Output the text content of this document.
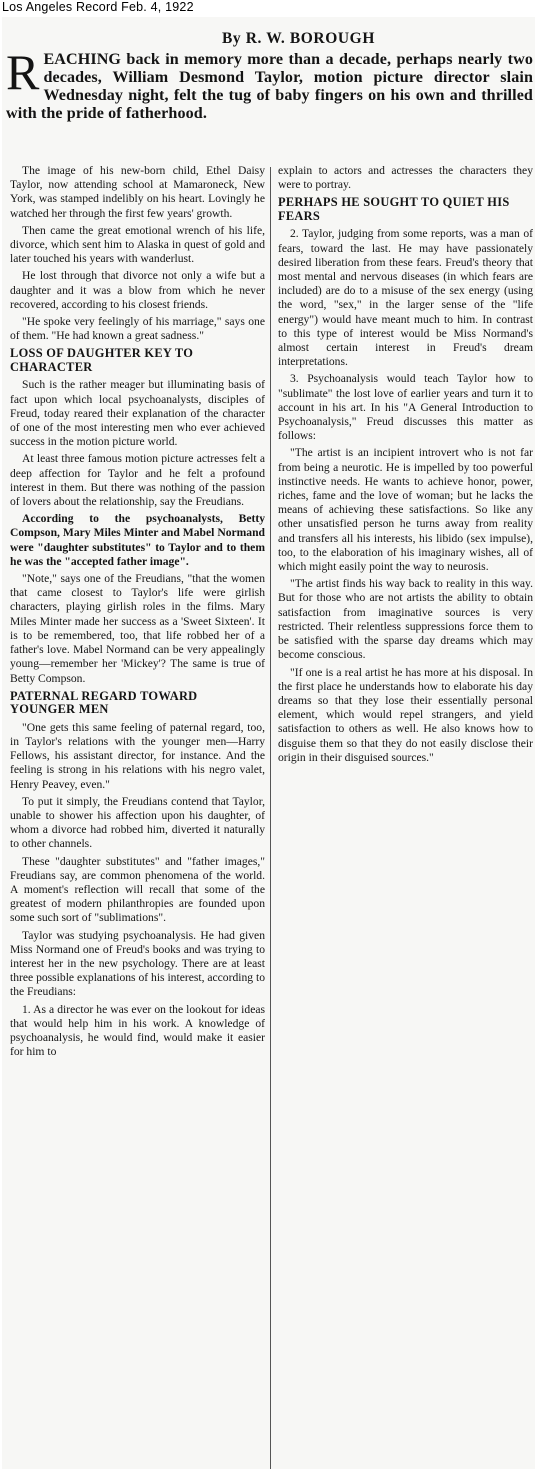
Los Angeles Record Feb. 4, 1922
By R. W. BOROUGH
REACHING back in memory more than a decade, perhaps nearly two decades, William Desmond Taylor, motion picture director slain Wednesday night, felt the tug of baby fingers on his own and thrilled with the pride of fatherhood.

The image of his new-born child, Ethel Daisy Taylor, now attending school at Mamaroneck, New York, was stamped indelibly on his heart. Lovingly he watched her through the first few years' growth.

Then came the great emotional wrench of his life, divorce, which sent him to Alaska in quest of gold and later touched his years with wanderlust.

He lost through that divorce not only a wife but a daughter and it was a blow from which he never recovered, according to his closest friends.

"He spoke very feelingly of his marriage," says one of them. "He had known a great sadness."

LOSS OF DAUGHTER KEY TO CHARACTER

Such is the rather meager but illuminating basis of fact upon which local psychoanalysts, disciples of Freud, today reared their explanation of the character of one of the most interesting men who ever achieved success in the motion picture world.

At least three famous motion picture actresses felt a deep affection for Taylor and he felt a profound interest in them. But there was nothing of the passion of lovers about the relationship, say the Freudians.

According to the psychoanalysts, Betty Compson, Mary Miles Minter and Mabel Normand were "daughter substitutes" to Taylor and to them he was the "accepted father image".

"Note," says one of the Freudians, "that the women that came closest to Taylor's life were girlish characters, playing girlish roles in the films. Mary Miles Minter made her success as a 'Sweet Sixteen'. It is to be remembered, too, that life robbed her of a father's love. Mabel Normand can be very appealingly young—remember her 'Mickey'? The same is true of Betty Compson.

PATERNAL REGARD TOWARD YOUNGER MEN

"One gets this same feeling of paternal regard, too, in Taylor's relations with the younger men—Harry Fellows, his assistant director, for instance. And the feeling is strong in his relations with his negro valet, Henry Peavey, even."

To put it simply, the Freudians contend that Taylor, unable to shower his affection upon his daughter, of whom a divorce had robbed him, diverted it naturally to other channels.

These "daughter substitutes" and "father images," Freudians say, are common phenomena of the world. A moment's reflection will recall that some of the greatest of modern philanthropies are founded upon some such sort of "sublimations".

Taylor was studying psychoanalysis. He had given Miss Normand one of Freud's books and was trying to interest her in the new psychology. There are at least three possible explanations of his interest, according to the Freudians:

1. As a director he was ever on the lookout for ideas that would help him in his work. A knowledge of psychoanalysis, he would find, would make it easier for him to

explain to actors and actresses the characters they were to portray.

PERHAPS HE SOUGHT TO QUIET HIS FEARS

2. Taylor, judging from some reports, was a man of fears, toward the last. He may have passionately desired liberation from these fears. Freud's theory that most mental and nervous diseases (in which fears are included) are do to a misuse of the sex energy (using the word, "sex," in the larger sense of the "life energy") would have meant much to him. In contrast to this type of interest would be Miss Normand's almost certain interest in Freud's dream interpretations.

3. Psychoanalysis would teach Taylor how to "sublimate" the lost love of earlier years and turn it to account in his art. In his "A General Introduction to Psychoanalysis," Freud discusses this matter as follows:

"The artist is an incipient introvert who is not far from being a neurotic. He is impelled by too powerful instinctive needs. He wants to achieve honor, power, riches, fame and the love of woman; but he lacks the means of achieving these satisfactions. So like any other unsatisfied person he turns away from reality and transfers all his interests, his libido (sex impulse), too, to the elaboration of his imaginary wishes, all of which might easily point the way to neurosis.

"The artist finds his way back to reality in this way. But for those who are not artists the ability to obtain satisfaction from imaginative sources is very restricted. Their relentless suppressions force them to be satisfied with the sparse day dreams which may become conscious.

"If one is a real artist he has more at his disposal. In the first place he understands how to elaborate his day dreams so that they lose their essentially personal element, which would repel strangers, and yield satisfaction to others as well. He also knows how to disguise them so that they do not easily disclose their origin in their disguised sources."
